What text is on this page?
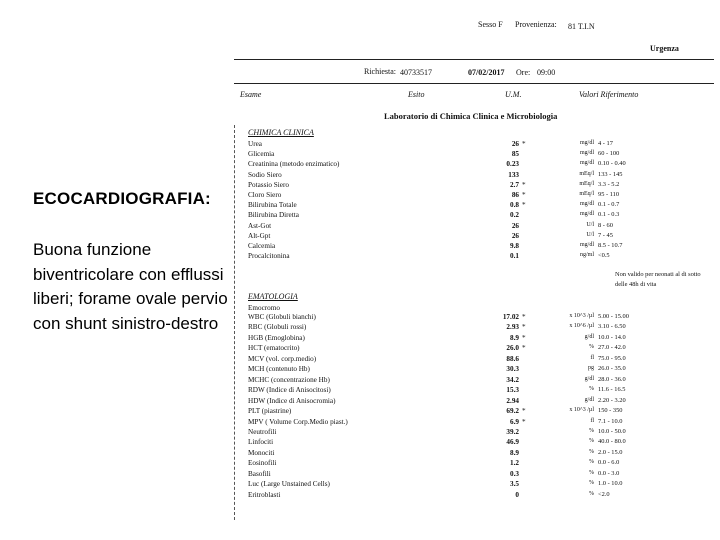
ECOCARDIOGRAFIA:
Buona funzione biventricolare con efflussi liberi; forame ovale pervio con shunt sinistro-destro
Sesso F Provenienza: 81 T.I.N
Urgenza
Richiesta: 40733517	07/02/2017 Ore: 09:00
Esame	Esito	U.M.	Valori Riferimento
Laboratorio di Chimica Clinica e Microbiologia
CHIMICA CLINICA
Urea	26 *	mg/dl 4 - 17
Glicemia	85	mg/dl 60 - 100
Creatinina (metodo enzimatico)	0.23	mg/dl 0.10 - 0.40
Sodio Siero	133	mEq/l 133 - 145
Potassio Siero	2.7 *	mEq/l 3.3 - 5.2
Cloro Siero	86 *	mEq/l 95 - 110
Bilirubina Totale	0.8 *	mg/dl 0.1 - 0.7
Bilirubina Diretta	0.2	mg/dl 0.1 - 0.3
Ast-Got	26	U/l 8 - 60
Alt-Gpt	26	U/l 7 - 45
Calcemia	9.8	mg/dl 8.5 - 10.7
Procalcitonina	0.1	ng/ml <0.5
Non valido per neonati al di sotto
delle 48h di vita
EMATOLOGIA
Emocromo
WBC (Globuli bianchi)	17.02 *	x 10^3 /µl 5.00 - 15.00
RBC (Globuli rossi)	2.93 *	x 10^6 /µl 3.10 - 6.50
HGB (Emoglobina)	8.9 *	g/dl 10.0 - 14.0
HCT (ematocrito)	26.0 *	% 27.0 - 42.0
MCV (vol. corp.medio)	88.6	fl 75.0 - 95.0
MCH (contenuto Hb)	30.3	pg 26.0 - 35.0
MCHC (concentrazione Hb)	34.2	g/dl 28.0 - 36.0
RDW (Indice di Anisocitosi)	15.3	% 11.6 - 16.5
HDW (Indice di Anisocromia)	2.94	g/dl 2.20 - 3.20
PLT (piastrine)	69.2 *	x 10^3 /µl 150 - 350
MPV ( Volume Corp.Medio piast.)	6.9 *	fl 7.1 - 10.0
Neutrofili	39.2	% 10.0 - 50.0
Linfociti	46.9	% 40.0 - 80.0
Monociti	8.9	% 2.0 - 15.0
Eosinofili	1.2	% 0.0 - 6.0
Basofili	0.3	% 0.0 - 3.0
Luc (Large Unstained Cells)	3.5	% 1.0 - 10.0
Eritroblasti	0	% <2.0
